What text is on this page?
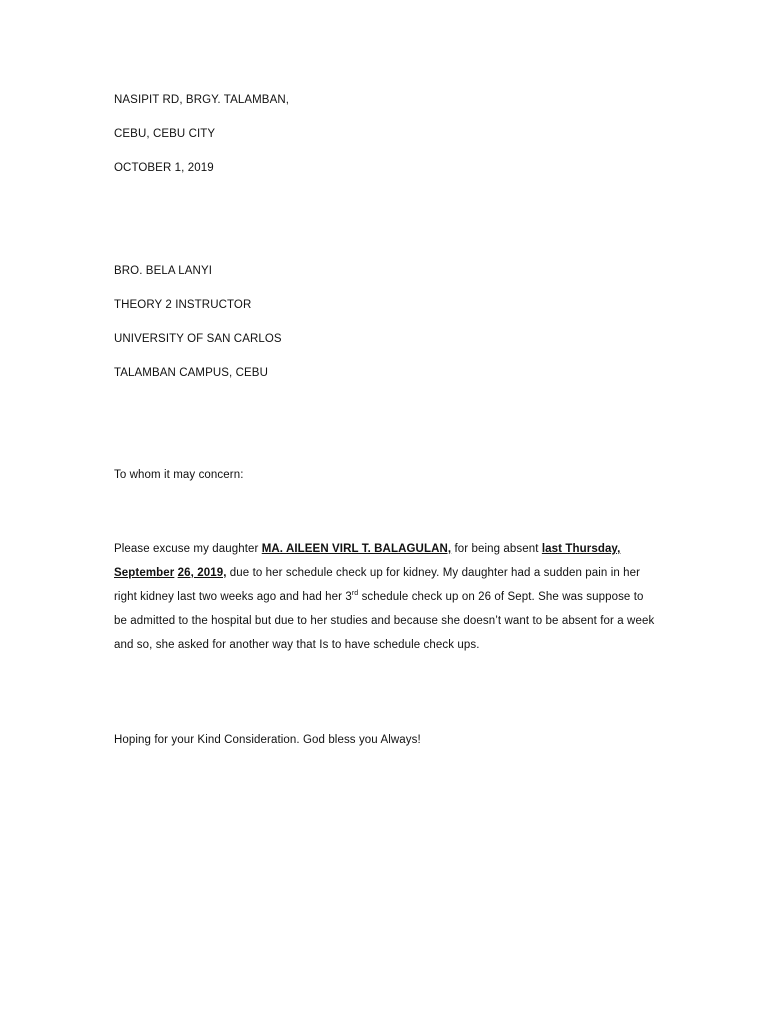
NASIPIT RD, BRGY. TALAMBAN,
CEBU, CEBU CITY
OCTOBER 1, 2019
BRO. BELA LANYI
THEORY 2 INSTRUCTOR
UNIVERSITY OF SAN CARLOS
TALAMBAN CAMPUS, CEBU
To whom it may concern:
Please excuse my daughter MA. AILEEN VIRL T. BALAGULAN, for being absent last Thursday, September 26, 2019, due to her schedule check up for kidney. My daughter had a sudden pain in her right kidney last two weeks ago and had her 3rd schedule check up on 26 of Sept. She was suppose to be admitted to the hospital but due to her studies and because she doesn’t want to be absent for a week and so, she asked for another way that Is to have schedule check ups.
Hoping for your Kind Consideration. God bless you Always!
